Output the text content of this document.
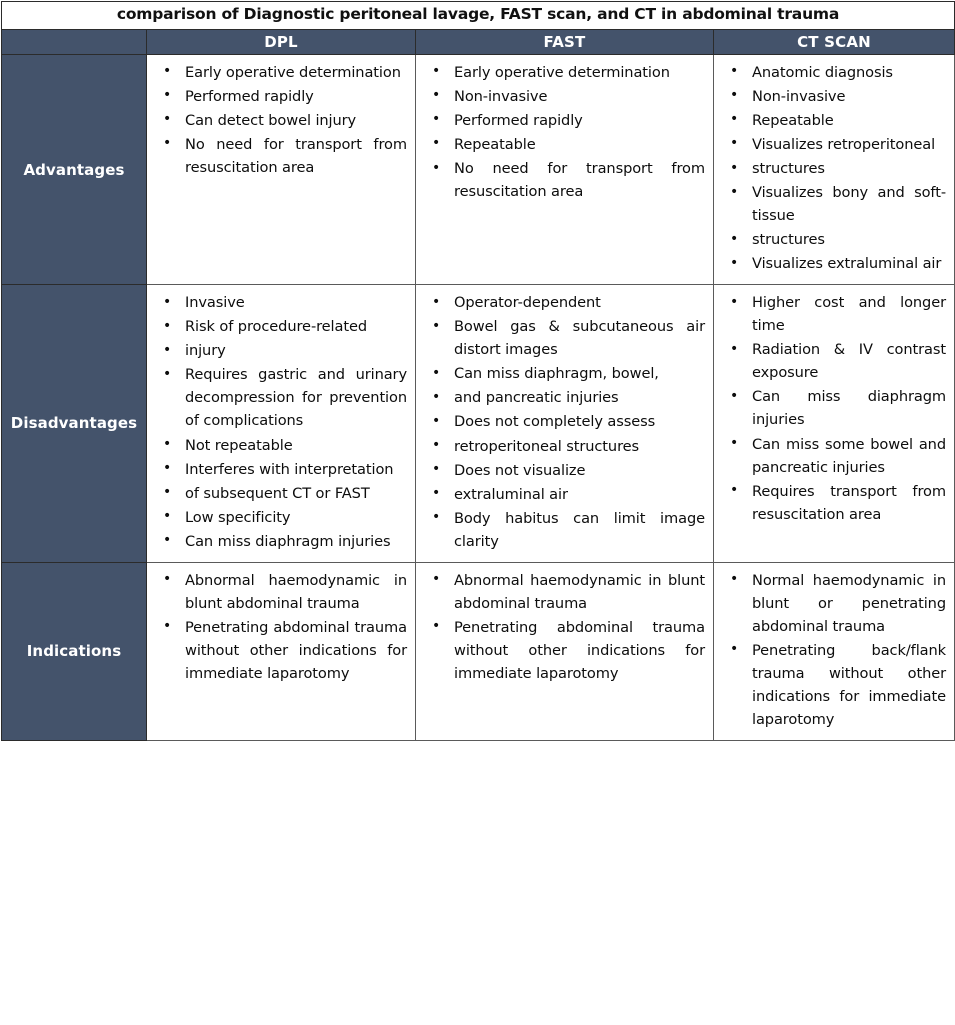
comparison of Diagnostic peritoneal lavage, FAST scan, and CT in abdominal trauma			
	DPL	FAST	CT SCAN
Advantages	
• Early operative determination
• Performed rapidly
• Can detect bowel injury
• No need for transport from resuscitation area

• Early operative determination
• Non-invasive
• Performed rapidly
• Repeatable
• No need for transport from resuscitation area

• Anatomic diagnosis
• Non-invasive
• Repeatable
• Visualizes retroperitoneal
• structures
• Visualizes bony and soft-tissue
• structures
• Visualizes extraluminal air

Disadvantages	
• Invasive
• Risk of procedure-related
• injury
• Requires gastric and urinary decompression for prevention of complications
• Not repeatable
• Interferes with interpretation
• of subsequent CT or FAST
• Low specificity
• Can miss diaphragm injuries

• Operator-dependent
• Bowel gas & subcutaneous air distort images
• Can miss diaphragm, bowel,
• and pancreatic injuries
• Does not completely assess
• retroperitoneal structures
• Does not visualize
• extraluminal air
• Body habitus can limit image clarity

• Higher cost and longer time
• Radiation & IV contrast exposure
• Can miss diaphragm injuries
• Can miss some bowel and pancreatic injuries
• Requires transport from resuscitation area

Indications	
• Abnormal haemodynamic in blunt abdominal trauma
• Penetrating abdominal trauma without other indications for immediate laparotomy

• Abnormal haemodynamic in blunt abdominal trauma
• Penetrating abdominal trauma without other indications for immediate laparotomy

• Normal haemodynamic in blunt or penetrating abdominal trauma
• Penetrating back/flank trauma without other indications for immediate laparotomy
